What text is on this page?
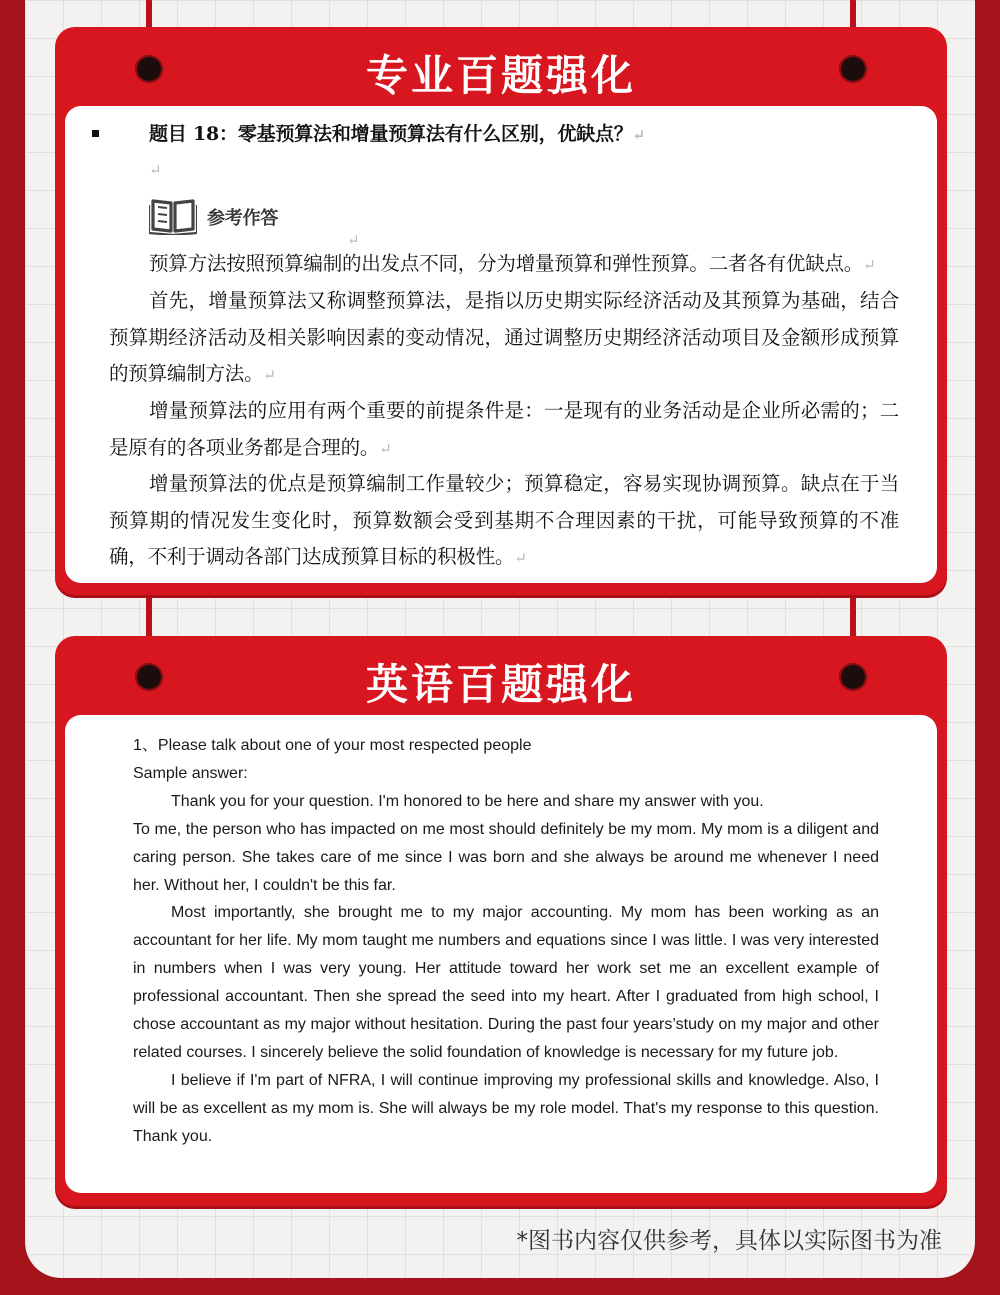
专业百题强化
题目 18：零基预算法和增量预算法有什么区别，优缺点？↵
↵
参考作答
↵

预算方法按照预算编制的出发点不同，分为增量预算和弹性预算。二者各有优缺点。↵

首先，增量预算法又称调整预算法，是指以历史期实际经济活动及其预算为基础，结合预算期经济活动及相关影响因素的变动情况，通过调整历史期经济活动项目及金额形成预算的预算编制方法。↵

增量预算法的应用有两个重要的前提条件是：一是现有的业务活动是企业所必需的；二是原有的各项业务都是合理的。↵

增量预算法的优点是预算编制工作量较少；预算稳定，容易实现协调预算。缺点在于当预算期的情况发生变化时，预算数额会受到基期不合理因素的干扰，可能导致预算的不准确，不利于调动各部门达成预算目标的积极性。↵

英语百题强化

1、Please talk about one of your most respected people

Sample answer:

Thank you for your question. I'm honored to be here and share my answer with you.

To me, the person who has impacted on me most should definitely be my mom. My mom is a diligent and caring person. She takes care of me since I was born and she always be around me whenever I need her. Without her, I couldn't be this far.

Most importantly, she brought me to my major accounting. My mom has been working as an accountant for her life. My mom taught me numbers and equations since I was little. I was very interested in numbers when I was very young. Her attitude toward her work set me an excellent example of professional accountant. Then she spread the seed into my heart. After I graduated from high school, I chose accountant as my major without hesitation. During the past four years’study on my major and other related courses. I sincerely believe the solid foundation of knowledge is necessary for my future job.

I believe if I'm part of NFRA, I will continue improving my professional skills and knowledge. Also, I will be as excellent as my mom is. She will always be my role model. That's my response to this question. Thank you.

*图书内容仅供参考，具体以实际图书为准
